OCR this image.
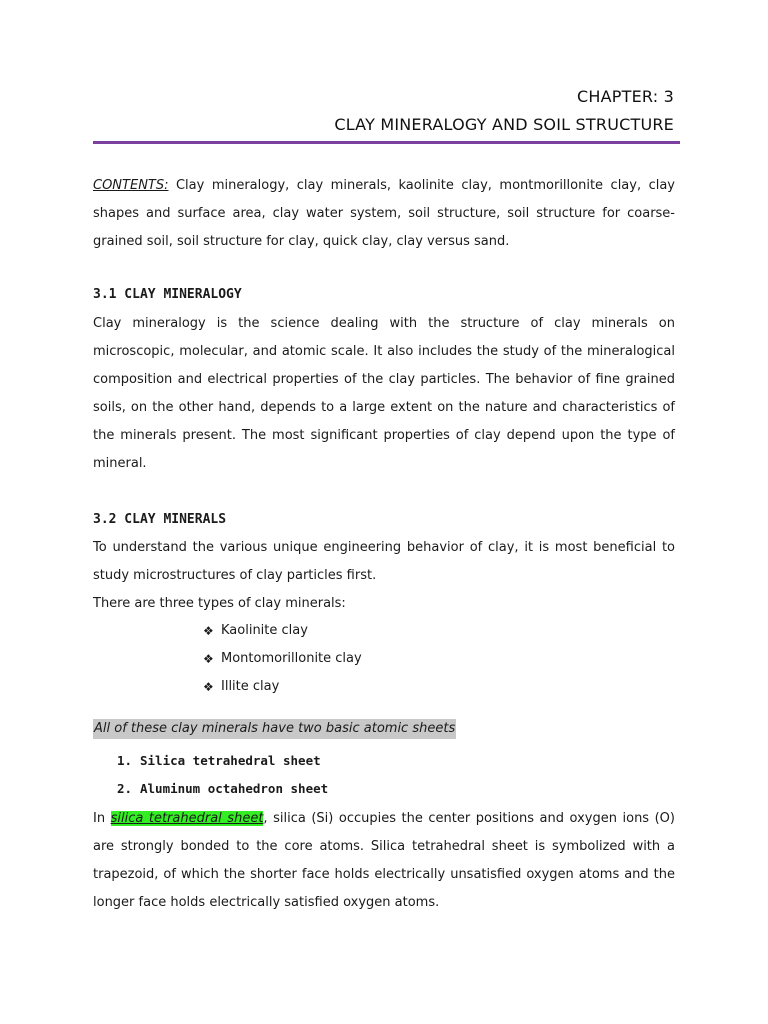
CHAPTER: 3
CLAY MINERALOGY AND SOIL STRUCTURE
CONTENTS: Clay mineralogy, clay minerals, kaolinite clay, montmorillonite clay, clay shapes and surface area, clay water system, soil structure, soil structure for coarse-grained soil, soil structure for clay, quick clay, clay versus sand.
3.1 CLAY MINERALOGY
Clay mineralogy is the science dealing with the structure of clay minerals on microscopic, molecular, and atomic scale. It also includes the study of the mineralogical composition and electrical properties of the clay particles. The behavior of fine grained soils, on the other hand, depends to a large extent on the nature and characteristics of the minerals present. The most significant properties of clay depend upon the type of mineral.
3.2 CLAY MINERALS
To understand the various unique engineering behavior of clay, it is most beneficial to study microstructures of clay particles first.
There are three types of clay minerals:
❖ Kaolinite clay
❖ Montomorillonite clay
❖ Illite clay
All of these clay minerals have two basic atomic sheets
1. Silica tetrahedral sheet
2. Aluminum octahedron sheet
In silica tetrahedral sheet, silica (Si) occupies the center positions and oxygen ions (O) are strongly bonded to the core atoms. Silica tetrahedral sheet is symbolized with a trapezoid, of which the shorter face holds electrically unsatisfied oxygen atoms and the longer face holds electrically satisfied oxygen atoms.
